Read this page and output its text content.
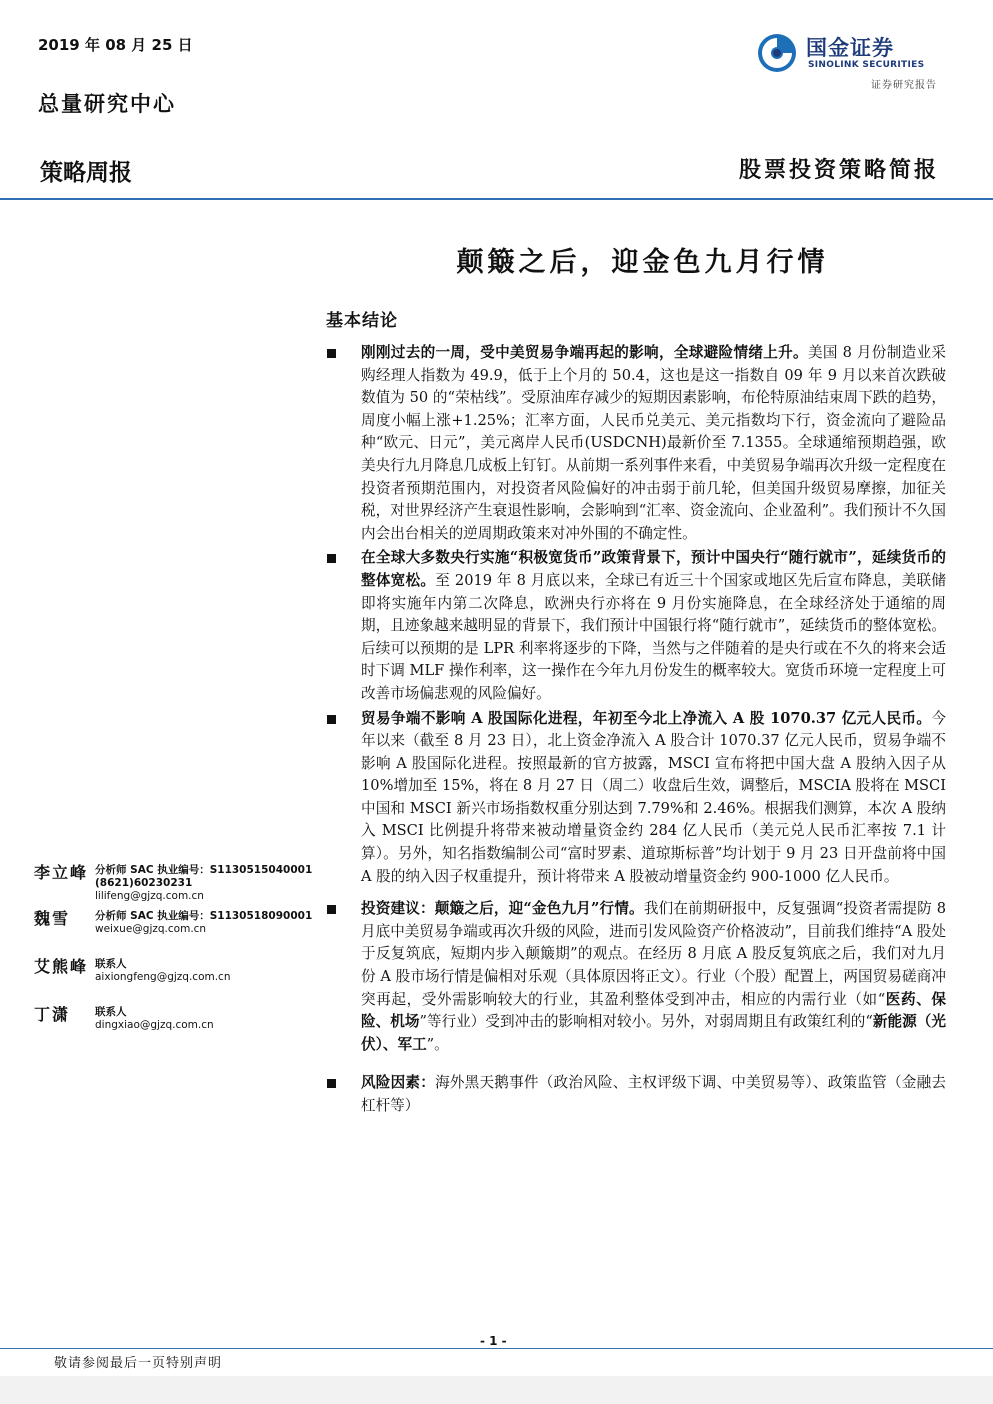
2019 年 08 月 25 日
总量研究中心
策略周报	股票投资策略简报
国金证券
SINOLINK SECURITIES
证券研究报告
颠簸之后，迎金色九月行情
基本结论
刚刚过去的一周，受中美贸易争端再起的影响，全球避险情绪上升。美国 8 月份制造业采购经理人指数为 49.9，低于上个月的 50.4，这也是这一指数自 09 年 9 月以来首次跌破数值为 50 的“荣枯线”。受原油库存减少的短期因素影响，布伦特原油结束周下跌的趋势，周度小幅上涨+1.25%；汇率方面，人民币兑美元、美元指数均下行，资金流向了避险品种“欧元、日元”，美元离岸人民币(USDCNH)最新价至 7.1355。全球通缩预期趋强，欧美央行九月降息几成板上钉钉。从前期一系列事件来看，中美贸易争端再次升级一定程度在投资者预期范围内，对投资者风险偏好的冲击弱于前几轮，但美国升级贸易摩擦，加征关税，对世界经济产生衰退性影响，会影响到“汇率、资金流向、企业盈利”。我们预计不久国内会出台相关的逆周期政策来对冲外围的不确定性。
在全球大多数央行实施“积极宽货币”政策背景下，预计中国央行“随行就市”，延续货币的整体宽松。至 2019 年 8 月底以来，全球已有近三十个国家或地区先后宣布降息，美联储即将实施年内第二次降息，欧洲央行亦将在 9 月份实施降息，在全球经济处于通缩的周期，且迹象越来越明显的背景下，我们预计中国银行将“随行就市”，延续货币的整体宽松。后续可以预期的是 LPR 利率将逐步的下降，当然与之伴随着的是央行或在不久的将来会适时下调 MLF 操作利率，这一操作在今年九月份发生的概率较大。宽货币环境一定程度上可改善市场偏悲观的风险偏好。
贸易争端不影响 A 股国际化进程，年初至今北上净流入 A 股 1070.37 亿元人民币。今年以来（截至 8 月 23 日），北上资金净流入 A 股合计 1070.37 亿元人民币，贸易争端不影响 A 股国际化进程。按照最新的官方披露，MSCI 宣布将把中国大盘 A 股纳入因子从 10%增加至 15%，将在 8 月 27 日（周二）收盘后生效，调整后，MSCIA 股将在 MSCI 中国和 MSCI 新兴市场指数权重分别达到 7.79%和 2.46%。根据我们测算，本次 A 股纳入 MSCI 比例提升将带来被动增量资金约 284 亿人民币（美元兑人民币汇率按 7.1 计算）。另外，知名指数编制公司“富时罗素、道琼斯标普”均计划于 9 月 23 日开盘前将中国 A 股的纳入因子权重提升，预计将带来 A 股被动增量资金约 900-1000 亿人民币。
投资建议：颠簸之后，迎“金色九月”行情。我们在前期研报中，反复强调“投资者需提防 8 月底中美贸易争端或再次升级的风险，进而引发风险资产价格波动”，目前我们维持“A 股处于反复筑底，短期内步入颠簸期”的观点。在经历 8 月底 A 股反复筑底之后，我们对九月份 A 股市场行情是偏相对乐观（具体原因将正文）。行业（个股）配置上，两国贸易磋商冲突再起，受外需影响较大的行业，其盈利整体受到冲击，相应的内需行业（如“医药、保险、机场”等行业）受到冲击的影响相对较小。另外，对弱周期且有政策红利的“新能源（光伏）、军工”。
风险因素：海外黑天鹅事件（政治风险、主权评级下调、中美贸易等）、政策监管（金融去杠杆等）
李立峰 分析师 SAC 执业编号：S1130515040001
(8621)60230231
lilifeng@gjzq.com.cn
魏雪 分析师 SAC 执业编号：S1130518090001
weixue@gjzq.com.cn
艾熊峰 联系人
aixiongfeng@gjzq.com.cn
丁潇 联系人
dingxiao@gjzq.com.cn
- 1 -
敬请参阅最后一页特别声明
